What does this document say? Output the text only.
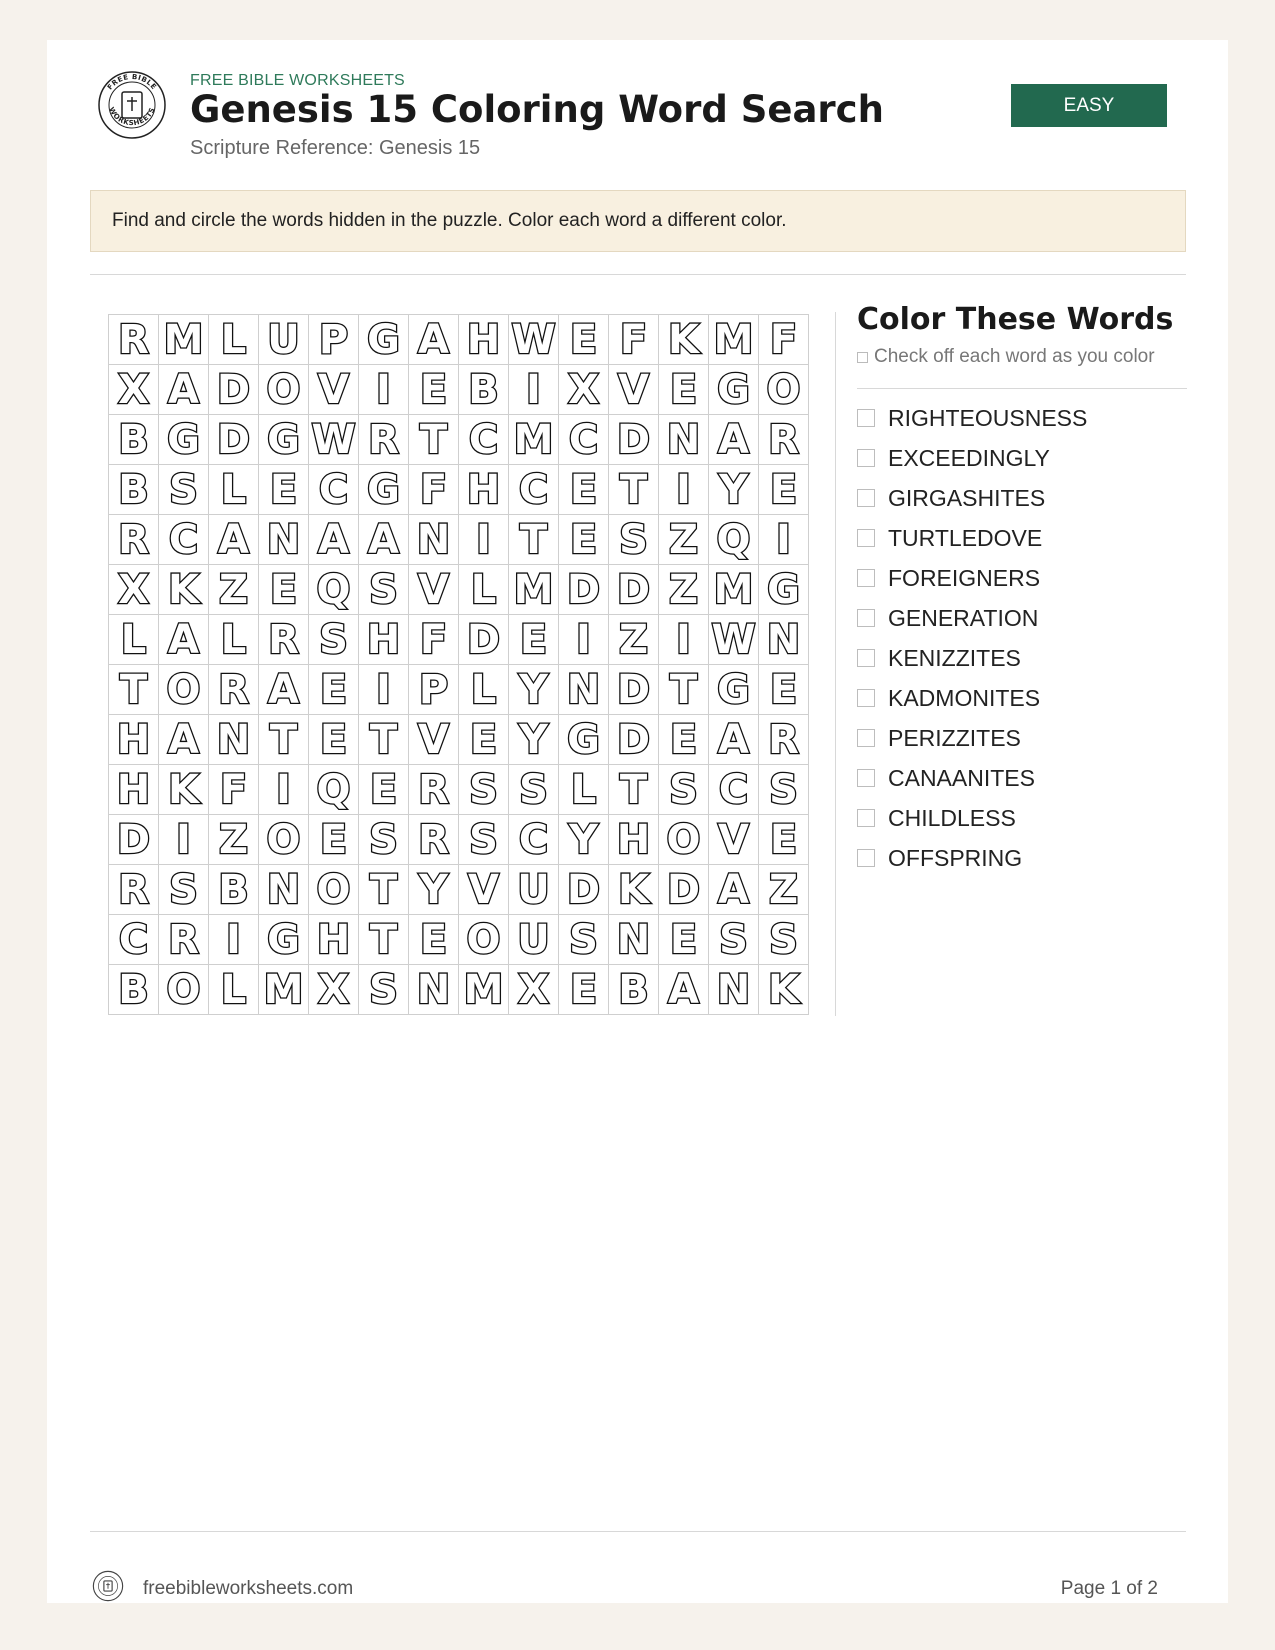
FREE BIBLE
WORKSHEETS
FREE BIBLE WORKSHEETS
Genesis 15 Coloring Word Search
Scripture Reference: Genesis 15
EASY
Find and circle the words hidden in the puzzle. Color each word a different color.
R M L U P G A H W E F K M F
X A D O V I E B I X V E G O
B G D G W R T C M C D N A R
B S L E C G F H C E T I Y E
R C A N A A N I T E S Z Q I
X K Z E Q S V L M D D Z M G
L A L R S H F D E I Z I W N
T O R A E I P L Y N D T G E
H A N T E T V E Y G D E A R
H K F I Q E R S S L T S C S
D I Z O E S R S C Y H O V E
R S B N O T Y V U D K D A Z
C R I G H T E O U S N E S S
B O L M X S N M X E B A N K
Color These Words
Check off each word as you color
RIGHTEOUSNESS
EXCEEDINGLY
GIRGASHITES
TURTLEDOVE
FOREIGNERS
GENERATION
KENIZZITES
KADMONITES
PERIZZITES
CANAANITES
CHILDLESS
OFFSPRING
freebibleworksheets.com	Page 1 of 2
